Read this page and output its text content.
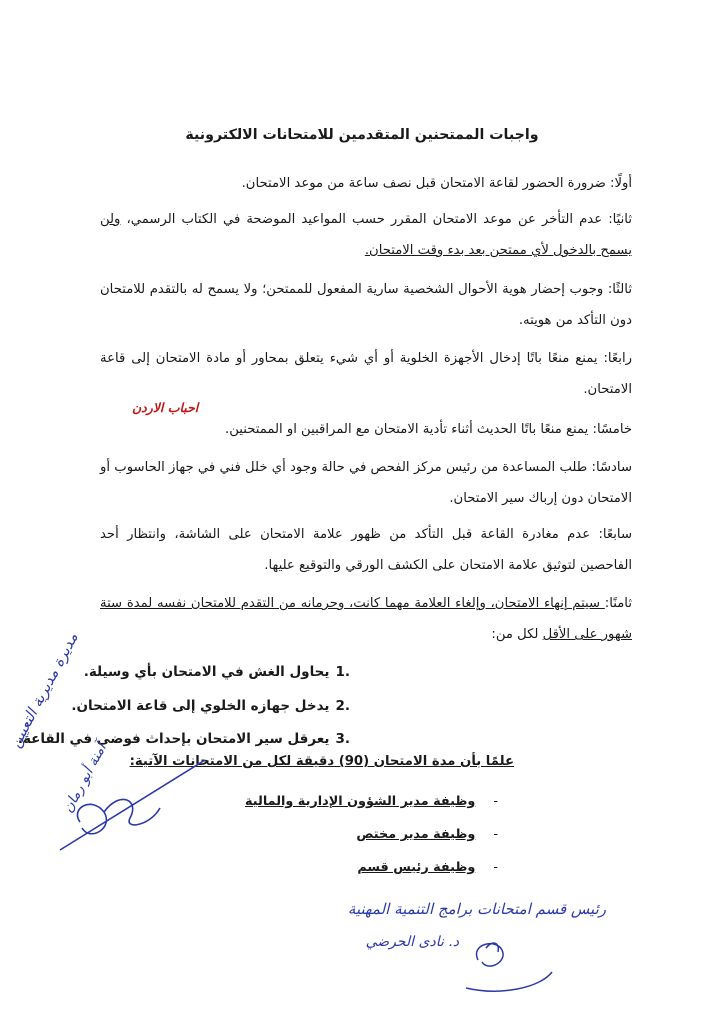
واجبات الممتحنين المتقدمين للامتحانات الالكترونية

أولًا: ضرورة الحضور لقاعة الامتحان قبل نصف ساعة من موعد الامتحان.

ثانيًا: عدم التأخر عن موعد الامتحان المقرر حسب المواعيد الموضحة في الكتاب الرسمي، ولن يسمح بالدخول لأي ممتحن بعد بدء وقت الامتحان.

ثالثًا: وجوب إحضار هوية الأحوال الشخصية سارية المفعول للممتحن؛ ولا يسمح له بالتقدم للامتحان دون التأكد من هويته.

رابعًا: يمنع منعًا باتًا إدخال الأجهزة الخلوية أو أي شيء يتعلق بمحاور أو مادة الامتحان إلى قاعة الامتحان.

احباب الاردن

خامسًا: يمنع منعًا باتًا الحديث أثناء تأدية الامتحان مع المراقبين او الممتحنين.

سادسًا: طلب المساعدة من رئيس مركز الفحص في حالة وجود أي خلل فني في جهاز الحاسوب أو الامتحان دون إرباك سير الامتحان.

سابعًا: عدم مغادرة القاعة قبل التأكد من ظهور علامة الامتحان على الشاشة، وانتظار أحد الفاحصين لتوثيق علامة الامتحان على الكشف الورقي والتوقيع عليها.

ثامنًا: سيتم إنهاء الامتحان، وإلغاء العلامة مهما كانت، وحرمانه من التقدم للامتحان نفسه لمدة ستة شهور على الأقل لكل من:

.1يحاول الغش في الامتحان بأي وسيلة.
.2يدخل جهازه الخلوي إلى قاعة الامتحان.
.3يعرقل سير الامتحان بإحداث فوضى في القاعة.
علمًا بأن مدة الامتحان (90) دقيقة لكل من الامتحانات الآتية:
-وظيفة مدير الشؤون الإدارية والمالية
-وظيفة مدير مختص
-وظيفة رئيس قسم
مديرة مديرية التعيين
آمنة أبو رمان
رئيس قسم امتحانات برامج التنمية المهنية
د. نادى الحرضي
